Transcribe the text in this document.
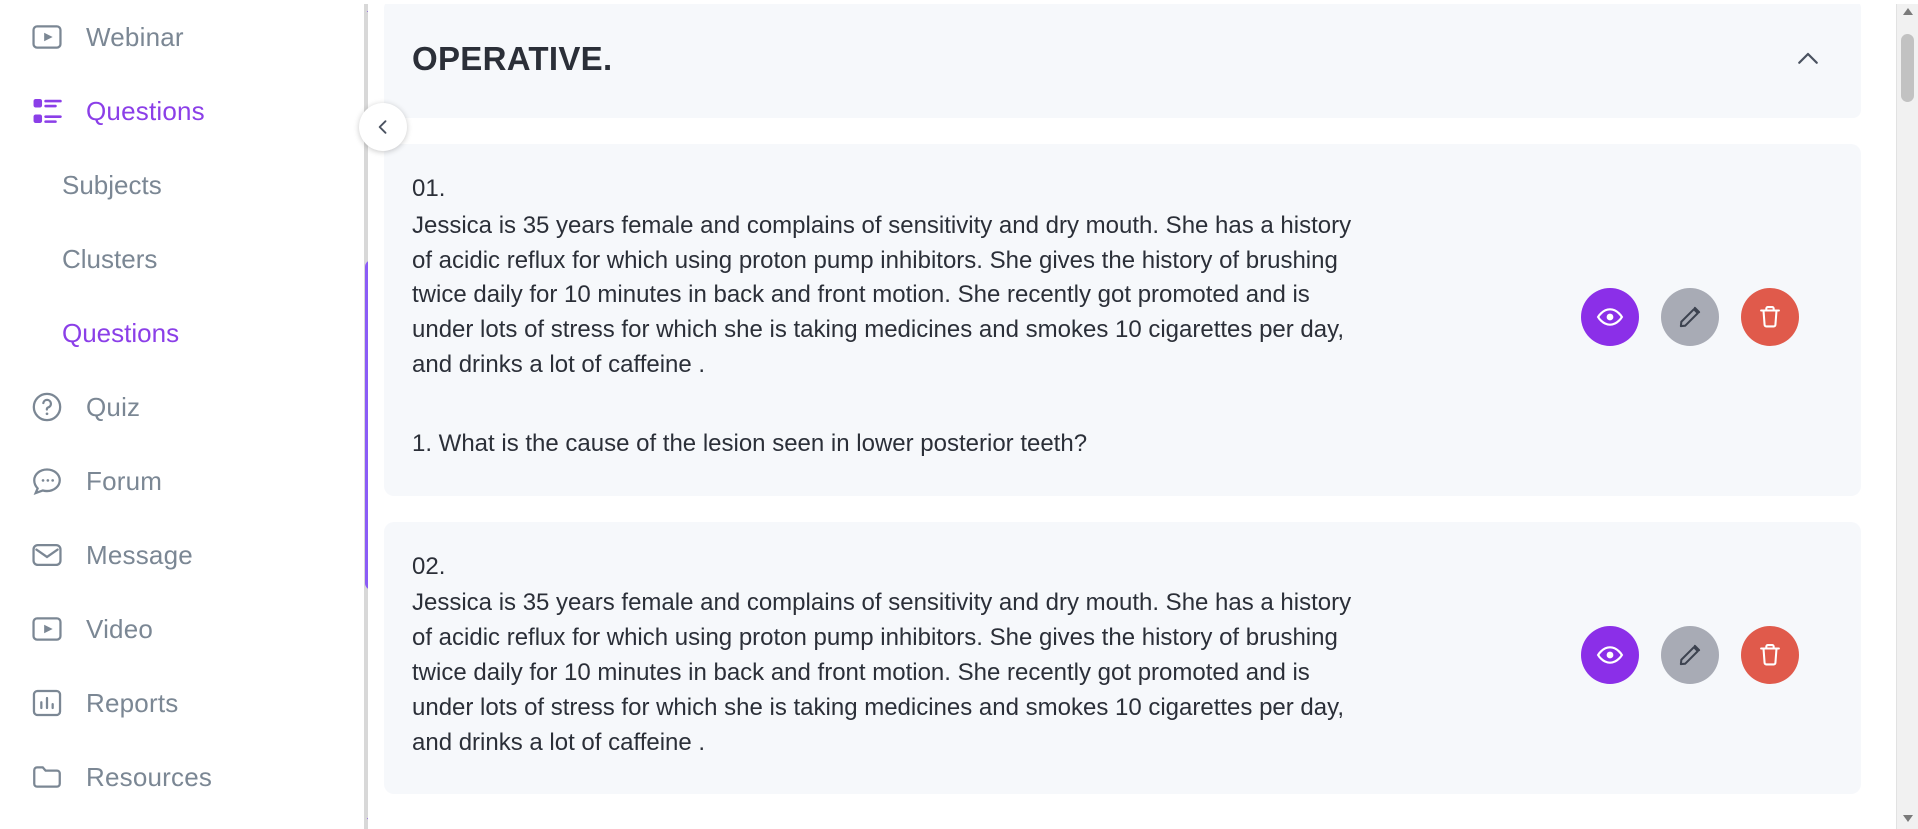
Webinar
Questions
Subjects
Clusters
Questions
Quiz
Forum
Message
Video
Reports
Resources
OPERATIVE.

01.

Jessica is 35 years female and complains of sensitivity and dry mouth. She has a history of acidic reflux for which using proton pump inhibitors. She gives the history of brushing twice daily for 10 minutes in back and front motion. She recently got promoted and is under lots of stress for which she is taking medicines and smokes 10 cigarettes per day, and drinks a lot of caffeine .

1. What is the cause of the lesion seen in lower posterior teeth?

02.

Jessica is 35 years female and complains of sensitivity and dry mouth. She has a history of acidic reflux for which using proton pump inhibitors. She gives the history of brushing twice daily for 10 minutes in back and front motion. She recently got promoted and is under lots of stress for which she is taking medicines and smokes 10 cigarettes per day, and drinks a lot of caffeine .
